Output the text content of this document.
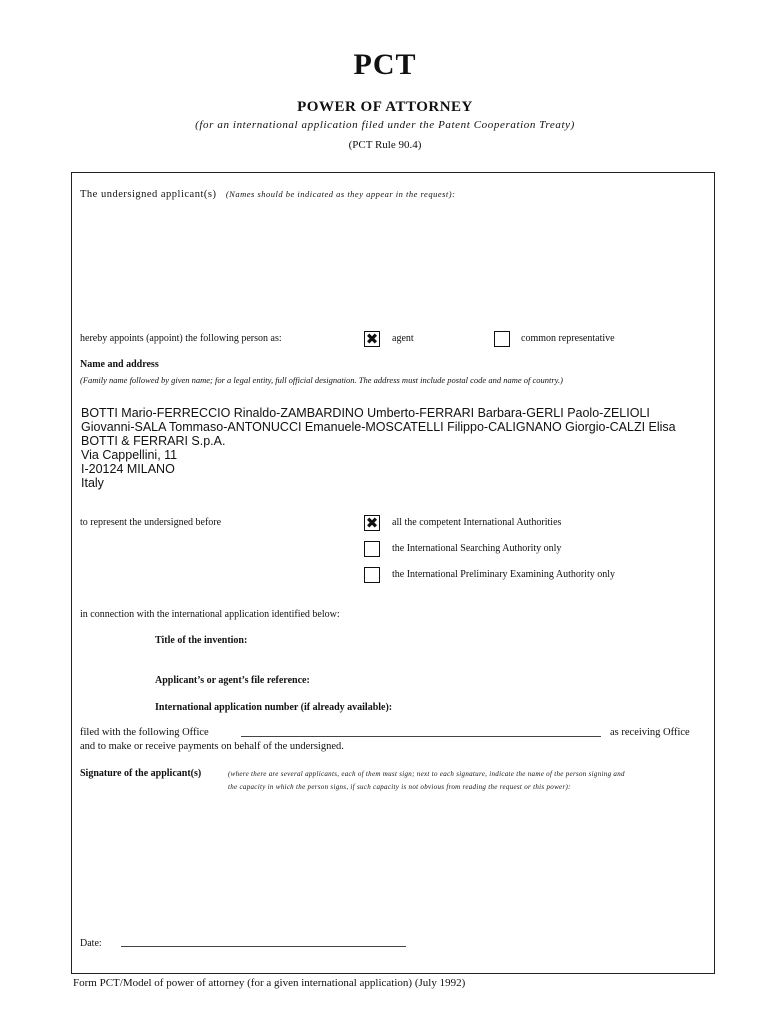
PCT
POWER OF ATTORNEY
(for an international application filed under the Patent Cooperation Treaty)
(PCT Rule 90.4)
The undersigned applicant(s) (Names should be indicated as they appear in the request):
hereby appoints (appoint) the following person as: ✖	agent	common representative
Name and address
(Family name followed by given name; for a legal entity, full official designation. The address must include postal code and name of country.)
BOTTI Mario-FERRECCIO Rinaldo-ZAMBARDINO Umberto-FERRARI Barbara-GERLI Paolo-ZELIOLI
Giovanni-SALA Tommaso-ANTONUCCI Emanuele-MOSCATELLI Filippo-CALIGNANO Giorgio-CALZI Elisa
BOTTI & FERRARI S.p.A.
Via Cappellini, 11
I-20124 MILANO
Italy
to represent the undersigned before ✖	all the competent International Authorities
the International Searching Authority only
the International Preliminary Examining Authority only
in connection with the international application identified below:
Title of the invention:
Applicant’s or agent’s file reference:
International application number (if already available):
filed with the following Office	as receiving Office
and to make or receive payments on behalf of the undersigned.
Signature of the applicant(s)	(where there are several applicants, each of them must sign; next to each signature, indicate the name of the person signing and
the capacity in which the person signs, if such capacity is not obvious from reading the request or this power):
Date:
Form PCT/Model of power of attorney (for a given international application) (July 1992)
